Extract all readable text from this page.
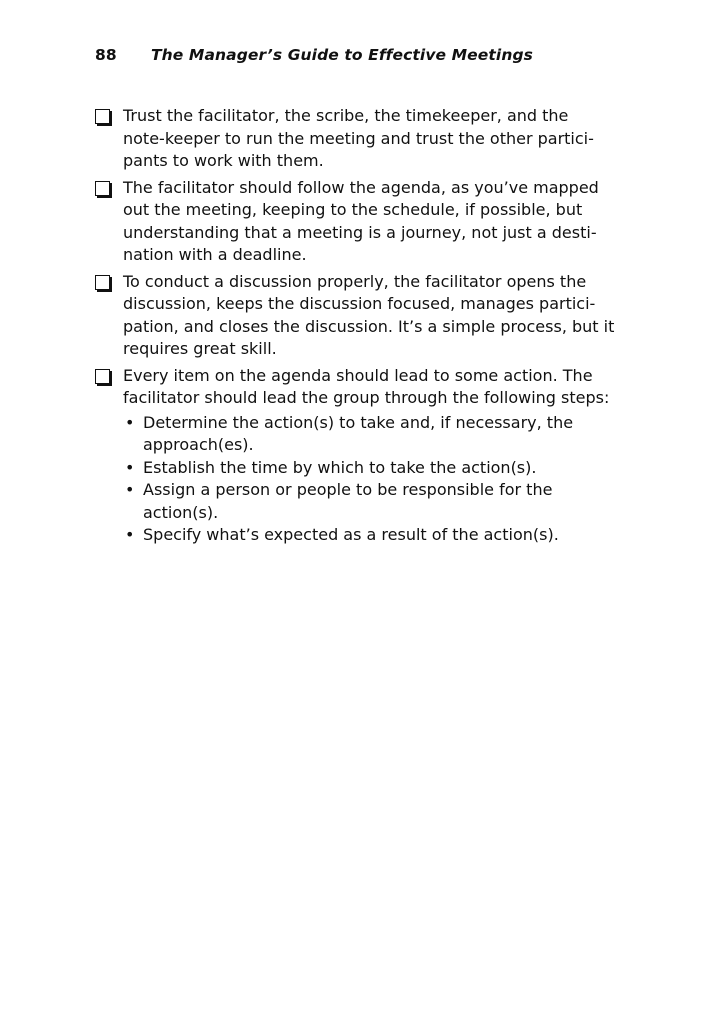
88 The Manager’s Guide to Effective Meetings
Trust the facilitator, the scribe, the timekeeper, and the note-keeper to run the meeting and trust the other partici-pants to work with them.
The facilitator should follow the agenda, as you’ve mapped out the meeting, keeping to the schedule, if possible, but understanding that a meeting is a journey, not just a desti-nation with a deadline.
To conduct a discussion properly, the facilitator opens the discussion, keeps the discussion focused, manages partici-pation, and closes the discussion. It’s a simple process, but it requires great skill.
Every item on the agenda should lead to some action. The facilitator should lead the group through the following steps:
• Determine the action(s) to take and, if necessary, the approach(es).
• Establish the time by which to take the action(s).
• Assign a person or people to be responsible for the action(s).
• Specify what’s expected as a result of the action(s).
